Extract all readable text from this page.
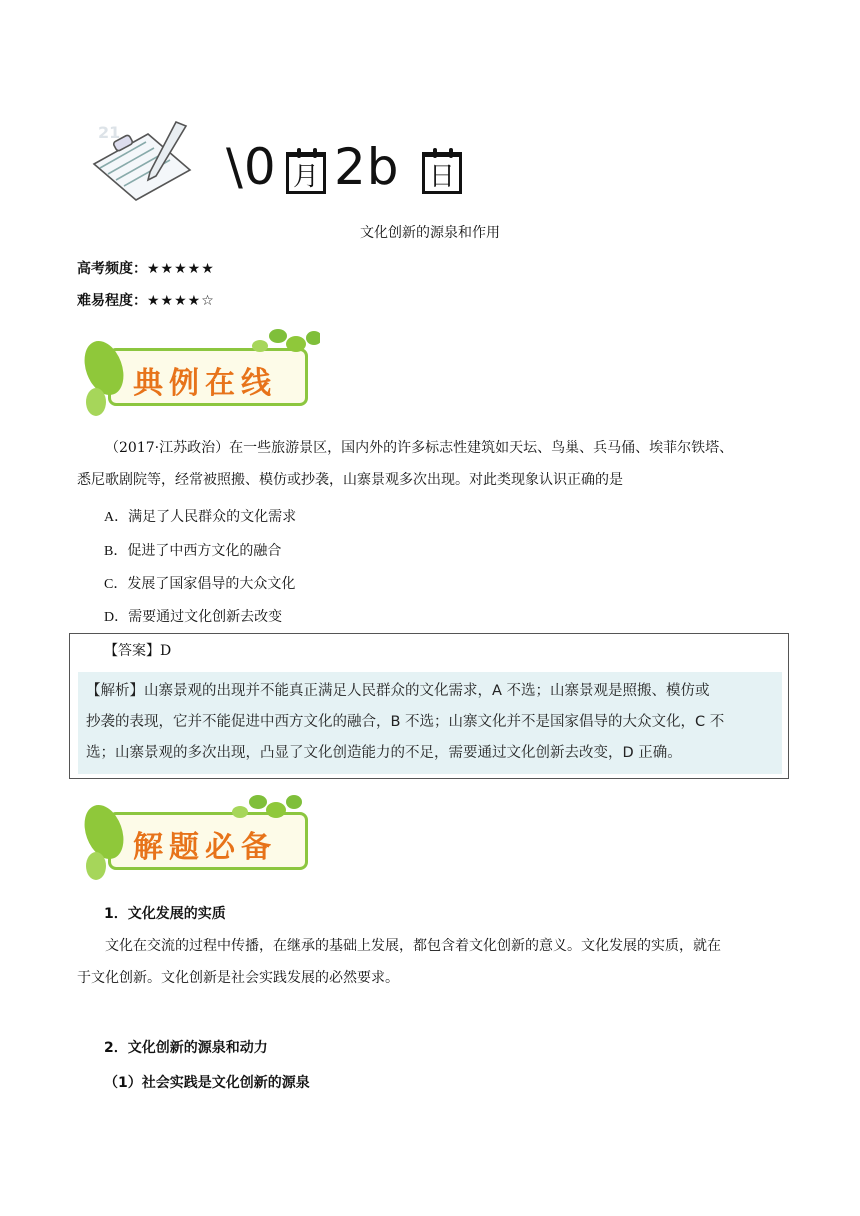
21
\0 月 2b 日
文化创新的源泉和作用
高考频度：★★★★★
难易程度：★★★★☆
典例在线
（2017·江苏政治）在一些旅游景区，国内外的许多标志性建筑如天坛、鸟巢、兵马俑、埃菲尔铁塔、
悉尼歌剧院等，经常被照搬、模仿或抄袭，山寨景观多次出现。对此类现象认识正确的是
A．满足了人民群众的文化需求
B．促进了中西方文化的融合
C．发展了国家倡导的大众文化
D．需要通过文化创新去改变
【答案】D
【解析】山寨景观的出现并不能真正满足人民群众的文化需求，A 不选；山寨景观是照搬、模仿或
抄袭的表现，它并不能促进中西方文化的融合，B 不选；山寨文化并不是国家倡导的大众文化，C 不
选；山寨景观的多次出现，凸显了文化创造能力的不足，需要通过文化创新去改变，D 正确。
解题必备
1．文化发展的实质
文化在交流的过程中传播，在继承的基础上发展，都包含着文化创新的意义。文化发展的实质，就在
于文化创新。文化创新是社会实践发展的必然要求。
2．文化创新的源泉和动力
（1）社会实践是文化创新的源泉
